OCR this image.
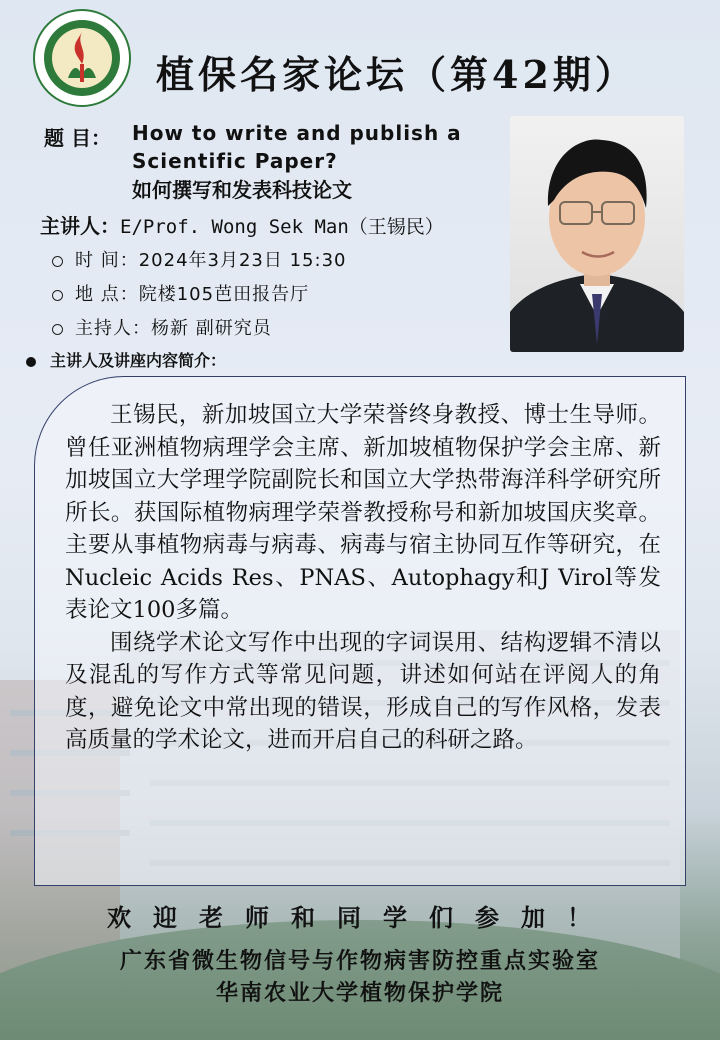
植保名家论坛（第42期）
题 目： How to write and publish a Scientific Paper?
如何撰写和发表科技论文
主讲人：E/Prof. Wong Sek Man（王锡民）
时 间：2024年3月23日 15:30
地 点：院楼105芭田报告厅
主持人：杨新 副研究员
主讲人及讲座内容简介：

王锡民，新加坡国立大学荣誉终身教授、博士生导师。曾任亚洲植物病理学会主席、新加坡植物保护学会主席、新加坡国立大学理学院副院长和国立大学热带海洋科学研究所所长。获国际植物病理学荣誉教授称号和新加坡国庆奖章。主要从事植物病毒与病毒、病毒与宿主协同互作等研究，在Nucleic Acids Res、PNAS、Autophagy和J Virol等发表论文100多篇。

围绕学术论文写作中出现的字词误用、结构逻辑不清以及混乱的写作方式等常见问题，讲述如何站在评阅人的角度，避免论文中常出现的错误，形成自己的写作风格，发表高质量的学术论文，进而开启自己的科研之路。

欢迎老师和同学们参加！
广东省微生物信号与作物病害防控重点实验室
华南农业大学植物保护学院
